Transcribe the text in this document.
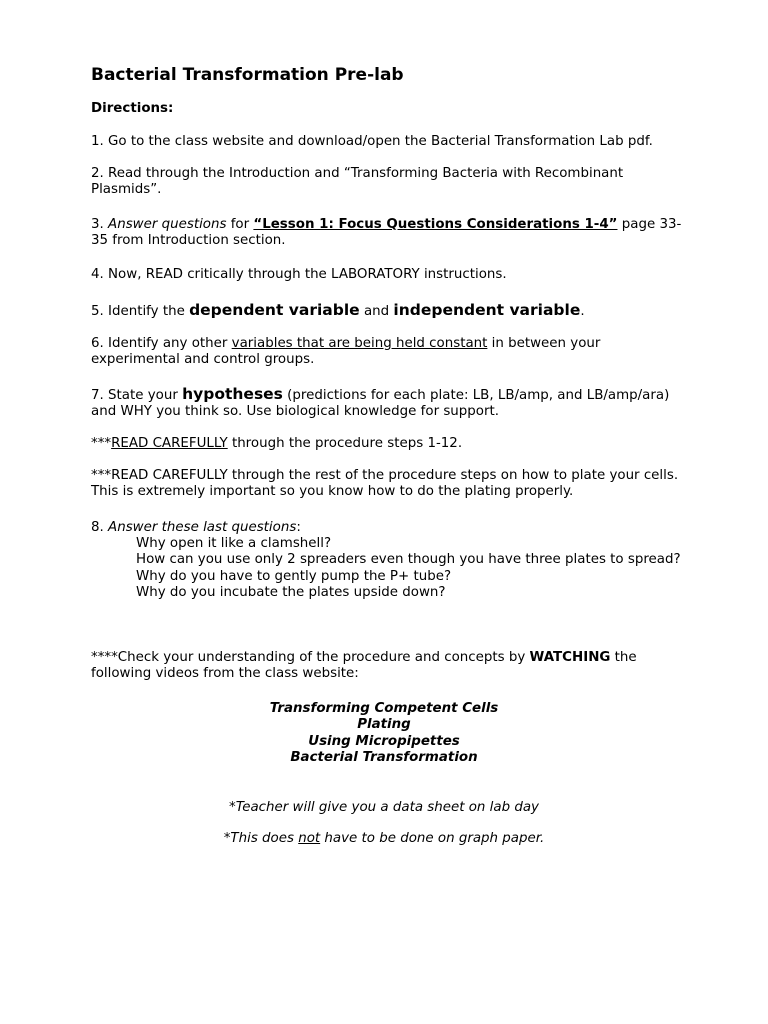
Bacterial Transformation Pre-lab

Directions:

1. Go to the class website and download/open the Bacterial Transformation Lab pdf.

2. Read through the Introduction and “Transforming Bacteria with Recombinant Plasmids”.

3. Answer questions for “Lesson 1: Focus Questions Considerations 1-4” page 33- 35 from Introduction section.

4. Now, READ critically through the LABORATORY instructions.

5. Identify the dependent variable and independent variable.

6. Identify any other variables that are being held constant in between your experimental and control groups.

7. State your hypotheses (predictions for each plate: LB, LB/amp, and LB/amp/ara) and WHY you think so. Use biological knowledge for support.

***READ CAREFULLY through the procedure steps 1-12.

***READ CAREFULLY through the rest of the procedure steps on how to plate your cells. This is extremely important so you know how to do the plating properly.

8. Answer these last questions:

Why open it like a clamshell?
How can you use only 2 spreaders even though you have three plates to spread?
Why do you have to gently pump the P+ tube?
Why do you incubate the plates upside down?

****Check your understanding of the procedure and concepts by WATCHING the following videos from the class website:

Transforming Competent Cells
Plating
Using Micropipettes
Bacterial Transformation

*Teacher will give you a data sheet on lab day

*This does not have to be done on graph paper.
